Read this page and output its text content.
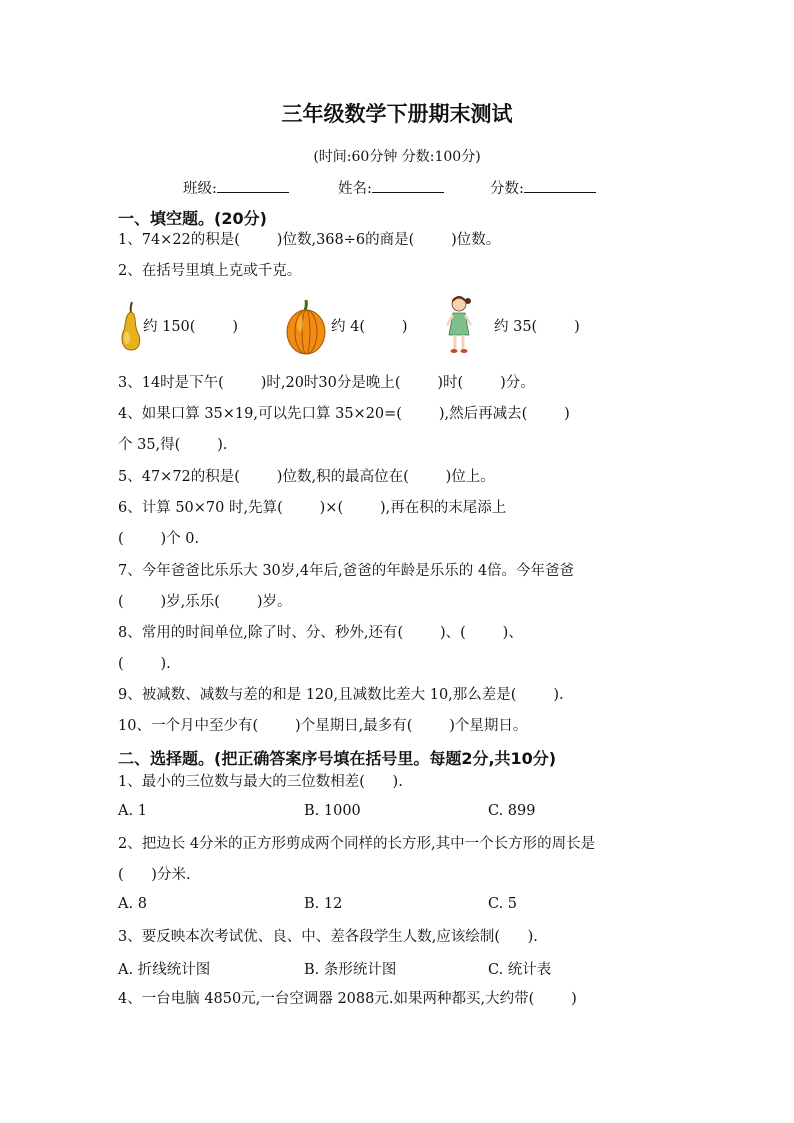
三年级数学下册期末测试
(时间:60分钟 分数:100分)
班级:	姓名:	分数:
一、填空题。(20分)
1、74×22的积是(        )位数,368÷6的商是(        )位数。
2、在括号里填上克或千克。
约 150(        )	约 4(        )	约 35(        )
3、14时是下午(        )时,20时30分是晚上(        )时(        )分。
4、如果口算 35×19,可以先口算 35×20=(        ),然后再减去(        )
个 35,得(        ).
5、47×72的积是(        )位数,积的最高位在(        )位上。
6、计算 50×70 时,先算(        )×(        ),再在积的末尾添上
(        )个 0.
7、今年爸爸比乐乐大 30岁,4年后,爸爸的年龄是乐乐的 4倍。今年爸爸
(        )岁,乐乐(        )岁。
8、常用的时间单位,除了时、分、秒外,还有(        )、(        )、
(        ).
9、被减数、减数与差的和是 120,且减数比差大 10,那么差是(        ).
10、一个月中至少有(        )个星期日,最多有(        )个星期日。
二、选择题。(把正确答案序号填在括号里。每题2分,共10分)
1、最小的三位数与最大的三位数相差(      ).
A. 1	B. 1000	C. 899
2、把边长 4分米的正方形剪成两个同样的长方形,其中一个长方形的周长是
(      )分米.
A. 8	B. 12	C. 5
3、要反映本次考试优、良、中、差各段学生人数,应该绘制(      ).
A. 折线统计图	B. 条形统计图	C. 统计表
4、一台电脑 4850元,一台空调器 2088元.如果两种都买,大约带(        )
